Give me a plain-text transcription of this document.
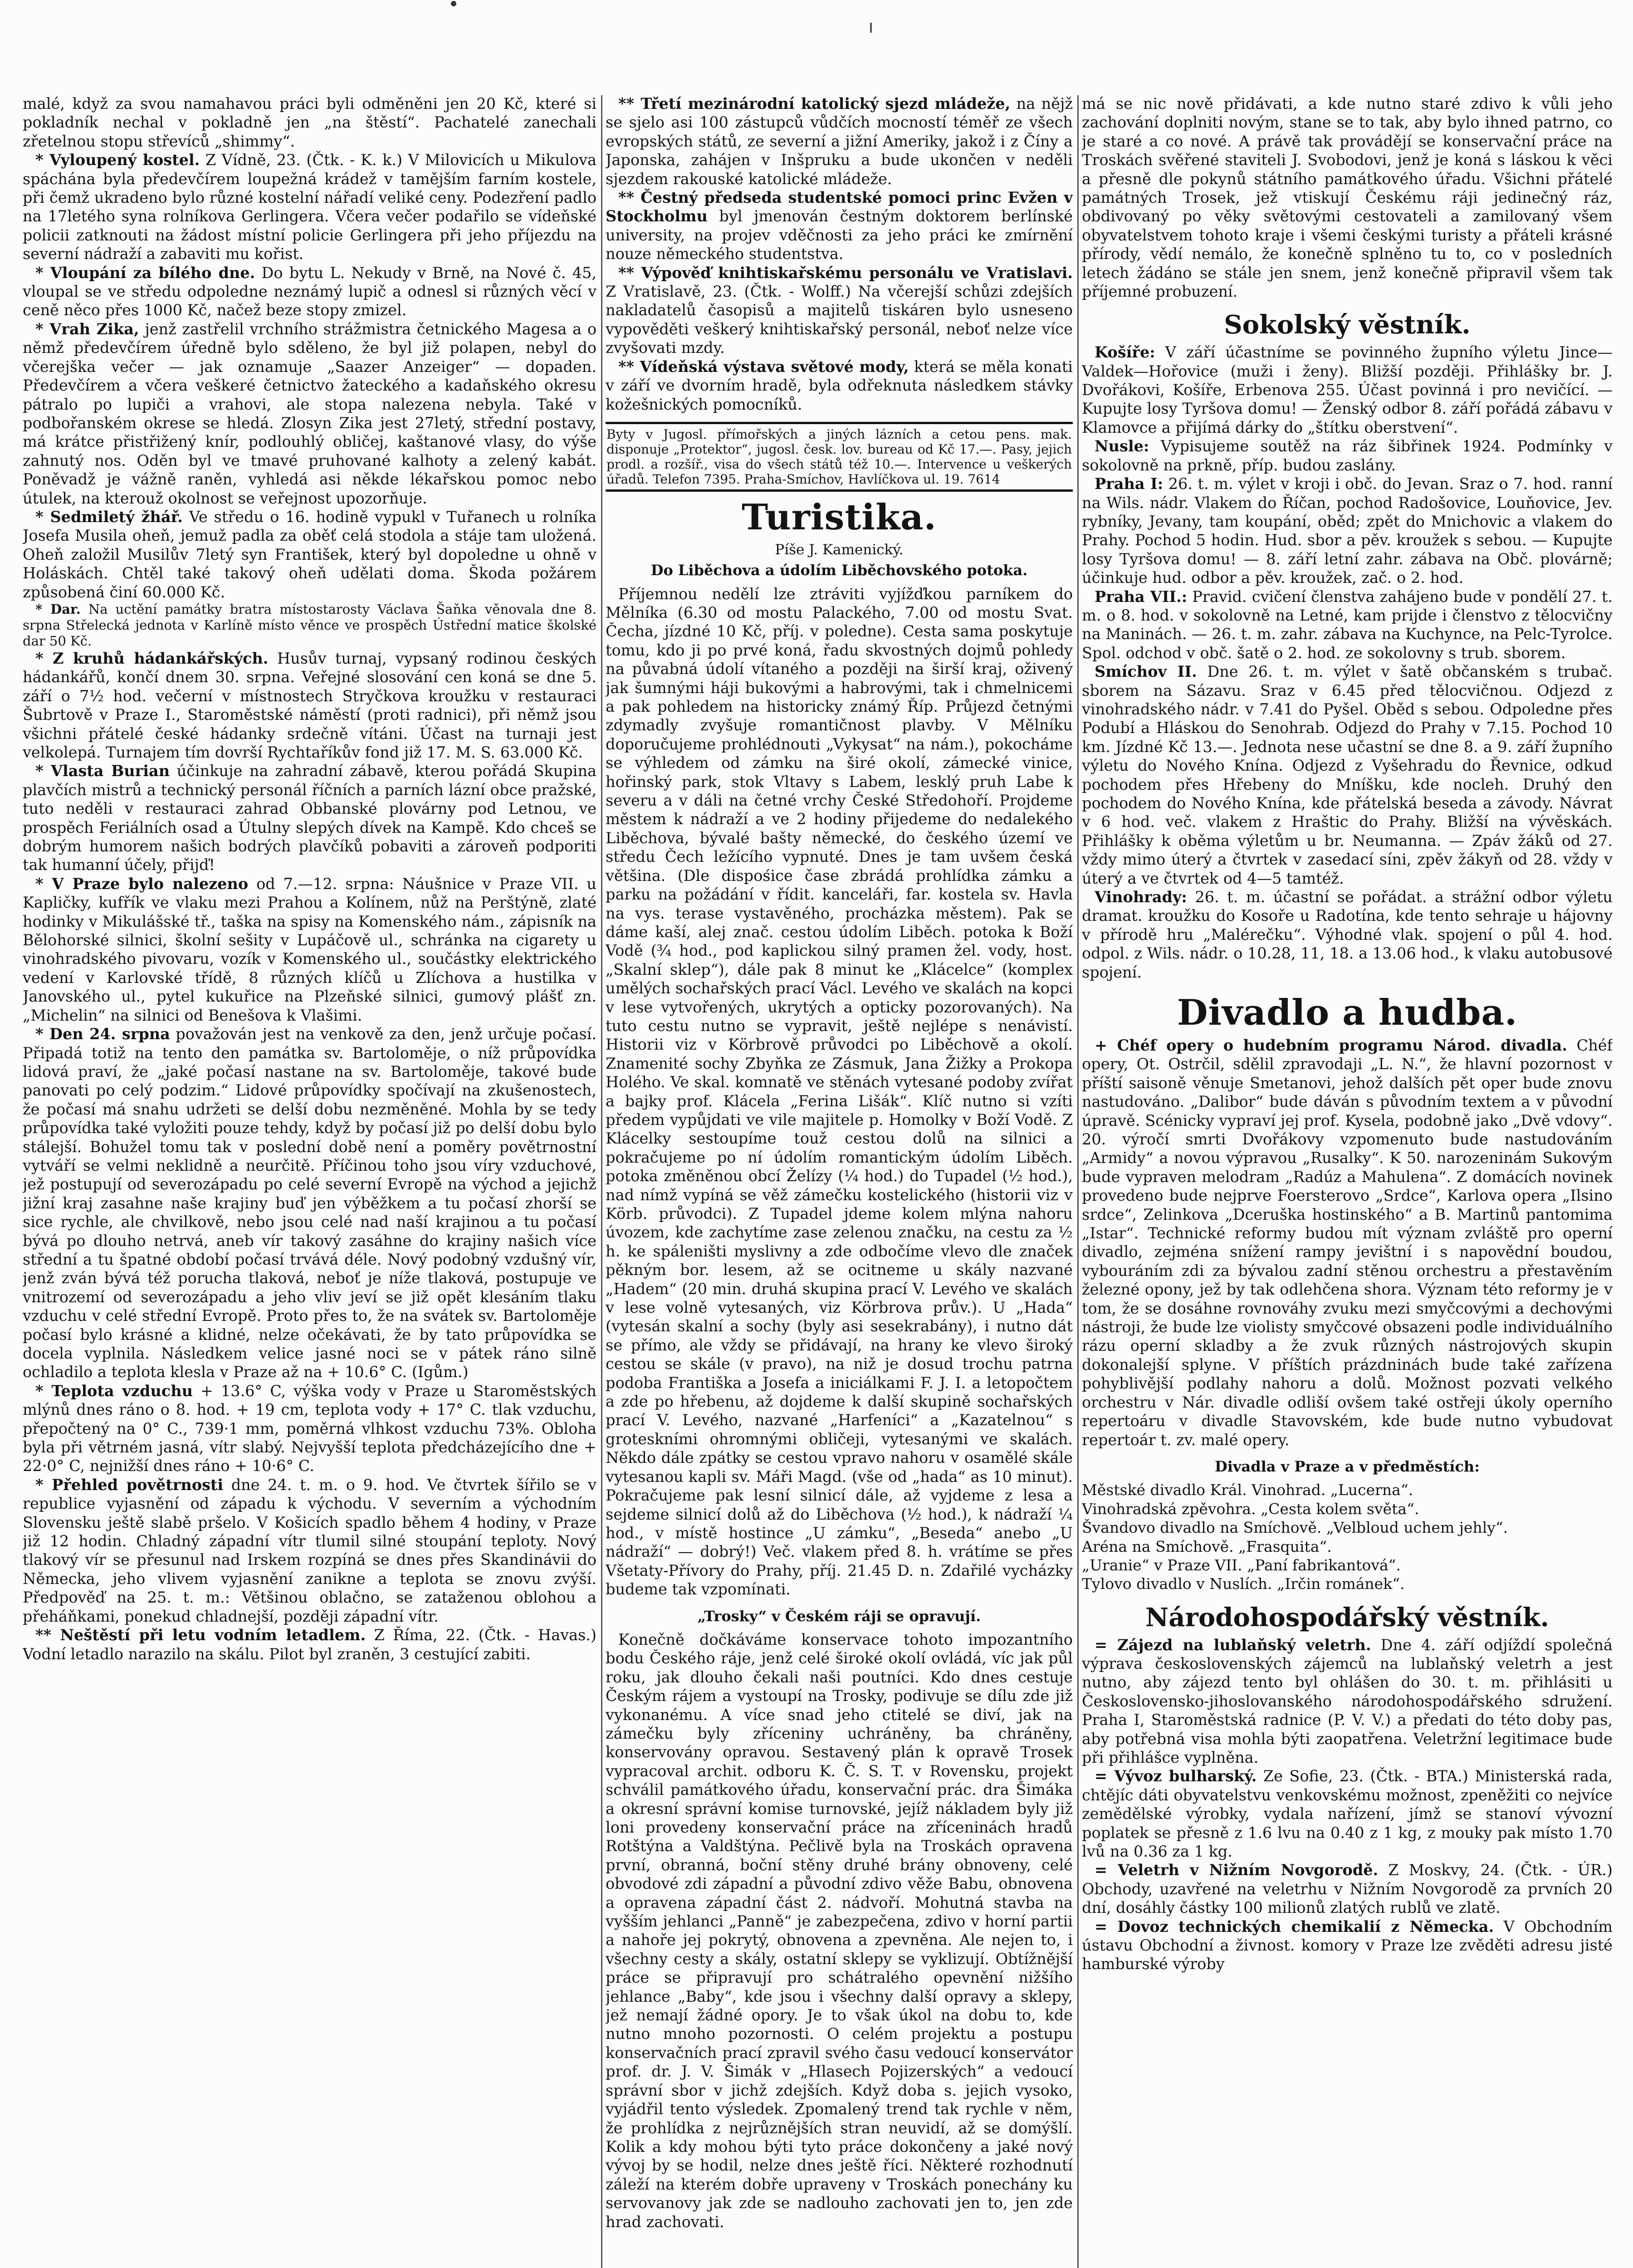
malé, když za svou namahavou práci byli odměněni jen 20 Kč, které si pokladník nechal v pokladně jen „na štěstí“. Pachatelé zanechali zřetelnou stopu střevíců „shimmy“.

* Vyloupený kostel. Z Vídně, 23. (Čtk. - K. k.) V Milovicích u Mikulova spáchána byla předevčírem loupežná krádež v tamějším farním kostele, při čemž ukradeno bylo různé kostelní nářadí veliké ceny. Podezření padlo na 17letého syna rolníkova Gerlingera. Včera večer podařilo se vídeňské policii zatknouti na žádost místní policie Gerlingera při jeho příjezdu na severní nádraží a zabaviti mu kořist.

* Vloupání za bílého dne. Do bytu L. Nekudy v Brně, na Nové č. 45, vloupal se ve středu odpoledne neznámý lupič a odnesl si různých věcí v ceně něco přes 1000 Kč, načež beze stopy zmizel.

* Vrah Zika, jenž zastřelil vrchního strážmistra četnického Magesa a o němž předevčírem úředně bylo sděleno, že byl již polapen, nebyl do včerejška večer — jak oznamuje „Saazer Anzeiger“ — dopaden. Předevčírem a včera veškeré četnictvo žateckého a kadaňského okresu pátralo po lupiči a vrahovi, ale stopa nalezena nebyla. Také v podbořanském okrese se hledá. Zlosyn Zika jest 27letý, střední postavy, má krátce přistřižený knír, podlouhlý obličej, kaštanové vlasy, do výše zahnutý nos. Oděn byl ve tmavé pruhované kalhoty a zelený kabát. Poněvadž je vážně raněn, vyhledá asi někde lékařskou pomoc nebo útulek, na kterouž okolnost se veřejnost upozorňuje.

* Sedmiletý žhář. Ve středu o 16. hodině vypukl v Tuřanech u rolníka Josefa Musila oheň, jemuž padla za oběť celá stodola a stáje tam uložená. Oheň založil Musilův 7letý syn František, který byl dopoledne u ohně v Holáskách. Chtěl také takový oheň udělati doma. Škoda požárem způsobená činí 60.000 Kč.

* Dar. Na uctění památky bratra místostarosty Václava Šaňka věnovala dne 8. srpna Střelecká jednota v Karlíně místo věnce ve prospěch Ústřední matice školské dar 50 Kč.

* Z kruhů hádankářských. Husův turnaj, vypsaný rodinou českých hádankářů, končí dnem 30. srpna. Veřejné slosování cen koná se dne 5. září o 7½ hod. večerní v místnostech Stryčkova kroužku v restauraci Šubrtově v Praze I., Staroměstské náměstí (proti radnici), při němž jsou všichni přátelé české hádanky srdečně vítáni. Účast na turnaji jest velkolepá. Turnajem tím dovrší Rychtaříkův fond již 17. M. S. 63.000 Kč.

* Vlasta Burian účinkuje na zahradní zábavě, kterou pořádá Skupina plavčích mistrů a technický personál říčních a parních lázní obce pražské, tuto neděli v restauraci zahrad Obbanské plovárny pod Letnou, ve prospěch Feriálních osad a Útulny slepých dívek na Kampě. Kdo chceš se dobrým humorem našich bodrých plavčíků pobaviti a zároveň podporiti tak humanní účely, přijď!

* V Praze bylo nalezeno od 7.—12. srpna: Náušnice v Praze VII. u Kapličky, kufřík ve vlaku mezi Prahou a Kolínem, nůž na Perštýně, zlaté hodinky v Mikulášské tř., taška na spisy na Komenského nám., zápisník na Bělohorské silnici, školní sešity v Lupáčově ul., schránka na cigarety u vinohradského pivovaru, vozík v Komenského ul., součástky elektrického vedení v Karlovské třídě, 8 různých klíčů u Zlíchova a hustilka v Janovského ul., pytel kukuřice na Plzeňské silnici, gumový plášť zn. „Michelin“ na silnici od Benešova k Vlašimi.

* Den 24. srpna považován jest na venkově za den, jenž určuje počasí. Připadá totiž na tento den památka sv. Bartoloměje, o níž průpovídka lidová praví, že „jaké počasí nastane na sv. Bartoloměje, takové bude panovati po celý podzim.“ Lidové průpovídky spočívají na zkušenostech, že počasí má snahu udržeti se delší dobu nezměněné. Mohla by se tedy průpovídka také vyložiti pouze tehdy, když by počasí již po delší dobu bylo stálejší. Bohužel tomu tak v poslední době není a poměry povětrnostní vytváří se velmi neklidně a neurčitě. Příčinou toho jsou víry vzduchové, jež postupují od severozápadu po celé severní Evropě na východ a jejichž jižní kraj zasahne naše krajiny buď jen výběžkem a tu počasí zhorší se sice rychle, ale chvilkově, nebo jsou celé nad naší krajinou a tu počasí bývá po dlouho netrvá, aneb vír takový zasáhne do krajiny našich více střední a tu špatné období počasí trvává déle. Nový podobný vzdušný vír, jenž zván bývá též porucha tlaková, neboť je níže tlaková, postupuje ve vnitrozemí od severozápadu a jeho vliv jeví se již opět klesáním tlaku vzduchu v celé střední Evropě. Proto přes to, že na svátek sv. Bartoloměje počasí bylo krásné a klidné, nelze očekávati, že by tato průpovídka se docela vyplnila. Následkem velice jasné noci se v pátek ráno silně ochladilo a teplota klesla v Praze až na + 10.6° C. (Igům.)

* Teplota vzduchu + 13.6° C, výška vody v Praze u Staroměstských mlýnů dnes ráno o 8. hod. + 19 cm, teplota vody + 17° C. tlak vzduchu, přepočtený na 0° C., 739·1 mm, poměrná vlhkost vzduchu 73%. Obloha byla při větrném jasná, vítr slabý. Nejvyšší teplota předcházejícího dne + 22·0° C, nejnižší dnes ráno + 10·6° C.

* Přehled povětrnosti dne 24. t. m. o 9. hod. Ve čtvrtek šířilo se v republice vyjasnění od západu k východu. V severním a východním Slovensku ještě slabě pršelo. V Košicích spadlo během 4 hodiny, v Praze již 12 hodin. Chladný západní vítr tlumil silné stoupání teploty. Nový tlakový vír se přesunul nad Irskem rozpíná se dnes přes Skandinávii do Německa, jeho vlivem vyjasnění zanikne a teplota se znovu zvýší. Předpověď na 25. t. m.: Většinou oblačno, se zataženou oblohou a přeháňkami, ponekud chladnejší, později západní vítr.

** Neštěstí při letu vodním letadlem. Z Římа, 22. (Čtk. - Havas.) Vodní letadlo narazilo na skálu. Pilot byl zraněn, 3 cestující zabiti.

** Třetí mezinárodní katolický sjezd mládeže, na nějž se sjelo asi 100 zástupců vůdčích mocností téměř ze všech evropských států, ze severní a jižní Ameriky, jakož i z Číny a Japonska, zahájen v Inšpruku a bude ukončen v neděli sjezdem rakouské katolické mládeže.

** Čestný předseda studentské pomoci princ Evžen v Stockholmu byl jmenován čestným doktorem berlínské university, na projev vděčnosti za jeho práci ke zmírnění nouze německého studentstva.

** Výpověď knihtiskařskému personálu ve Vratislavi. Z Vratislavě, 23. (Čtk. - Wolff.) Na včerejší schůzi zdejších nakladatelů časopisů a majitelů tiskáren bylo usneseno vypověděti veškerý knihtiskařský personál, neboť nelze více zvyšovati mzdy.

** Vídeňská výstava světové mody, která se měla konati v září ve dvorním hradě, byla odřeknuta následkem stávky kožešnických pomocníků.

Byty v Jugosl. přímořských a jiných lázních a cetou pens. mak. disponuje „Protektor“, jugosl. česk. lov. bureau od Kč 17.—. Pasy, jejich prodl. a rozšíř., visa do všech států též 10.—. Intervence u veškerých úřadů. Telefon 7395. Praha-Smíchov, Havlíčkova ul. 19. 7614
Turistika.
Píše J. Kamenický.
Do Liběchova a údolím Liběchovského potoka.

Příjemnou nedělí lze ztráviti vyjížďkou parníkem do Mělníka (6.30 od mostu Palackého, 7.00 od mostu Svat. Čecha, jízdné 10 Kč, příj. v poledne). Cesta sama poskytuje tomu, kdo ji po prvé koná, řadu skvostných dojmů pohledy na půvabná údolí vítaného a později na širší kraj, oživený jak šumnými háji bukovými a habrovými, tak i chmelnicemi a pak pohledem na historicky známý Říp. Průjezd četnými zdymadly zvyšuje romantičnost plavby. V Mělníku doporučujeme prohlédnouti „Vykysat“ na nám.), pokocháme se výhledem od zámku na širé okolí, zámecké vinice, hořinský park, stok Vltavy s Labem, lesklý pruh Labe k severu a v dáli na četné vrchy České Středohoří. Projdeme městem k nádraží a ve 2 hodiny přijedeme do nedalekého Liběchova, bývalé bašty německé, do českého území ve středu Čech ležícího vypnuté. Dnes je tam uvšem česká většina. (Dle dispośice čase zbrádá prohlídka zámku a parku na požádání v řídit. kanceláři, far. kostela sv. Havla na vys. terase vystavěného, procházka městem). Pak se dáme kaší, alej znač. cestou údolím Liběch. potoka k Boží Vodě (¾ hod., pod kaplickou silný pramen žel. vody, host. „Skalní sklep“), dále pak 8 minut ke „Klácelce“ (komplex umělých sochařských prací Václ. Levého ve skalách na kopci v lese vytvořených, ukrytých a opticky pozorovaných). Na tuto cestu nutno se vypravit, ještě nejlépe s nenávistí. Historii viz v Körbrově průvodci po Liběchově a okolí. Znamenité sochy Zbyňka ze Zásmuk, Jana Žižky a Prokopa Holého. Ve skal. komnatě ve stěnách vytesané podoby zvířat a bajky prof. Klácela „Ferina Lišák“. Klíč nutno si vzíti předem vypůjdati ve vile majitele p. Homolky v Boží Vodě. Z Klácelky sestoupíme touž cestou dolů na silnici a pokračujeme po ní údolím romantickým údolím Liběch. potoka změněnou obcí Želízy (¼ hod.) do Tupadel (½ hod.), nad nímž vypíná se věž zámečku kostelického (historii viz v Körb. průvodci). Z Tupadel jdeme kolem mlýna nahoru úvozem, kde zachytíme zase zelenou značku, na cestu za ½ h. ke spáleništi myslivny a zde odbočíme vlevo dle značek pěkným bor. lesem, až se ocitneme u skály nazvané „Hadem“ (20 min. druhá skupina prací V. Levého ve skalách v lese volně vytesaných, viz Körbrova prův.). U „Hada“ (vytesán skalní a sochy (byly asi sesekrabány), i nutno dát se přímo, ale vždy se přidávají, na hrany ke vlevo široký cestou se skále (v pravo), na niž je dosud trochu patrna podoba Františka a Josefa a iniciálkami F. J. I. a letopočtem a zde po hřebenu, až dojdeme k další skupině sochařských prací V. Levého, nazvané „Harfeníci“ a „Kazatelnou“ s groteskními ohromnými obličeji, vytesanými ve skalách. Někdo dále zpátky se cestou vpravo nahoru v osamělé skále vytesanou kapli sv. Máři Magd. (vše od „hada“ as 10 minut). Pokračujeme pak lesní silnicí dále, až vyjdeme z lesa a sejdeme silnicí dolů až do Liběchova (½ hod.), k nádraží ¼ hod., v místě hostince „U zámku“, „Beseda“ anebo „U nádraží“ — dobrý!) Več. vlakem před 8. h. vrátíme se přes Všetaty-Přívory do Prahy, příj. 21.45 D. n. Zdařilé vycházky budeme tak vzpomínati.

„Trosky“ v Českém ráji se opravují.

Konečně dočkáváme konservace tohoto impozantního bodu Českého ráje, jenž celé široké okolí ovládá, víc jak půl roku, jak dlouho čekali naši poutníci. Kdo dnes cestuje Českým rájem a vystoupí na Trosky, podivuje se dílu zde již vykonanému. A více snad jeho ctitelé se diví, jak na zámečku byly zříceniny uchráněny, ba chráněny, konservovány opravou. Sestavený plán k opravě Trosek vypracoval archit. odboru K. Č. S. T. v Rovensku, projekt schválil památkového úřadu, konservační prác. dra Šimáka a okresní správní komise turnovské, jejíž nákladem byly již loni provedeny konservační práce na zříceninách hradů Rotštýna a Valdštýna. Pečlivě byla na Troskách opravena první, obranná, boční stěny druhé brány obnoveny, celé obvodové zdi západní a původní zdivo věže Babu, obnovena a opravena západní část 2. nádvoří. Mohutná stavba na vyšším jehlanci „Panně“ je zabezpečena, zdivo v horní partii a nahoře jej pokrytý, obnovena a zpevněna. Ale nejen to, i všechny cesty a skály, ostatní sklepy se vyklizují. Obtížnější práce se připravují pro schátralého opevnění nižšího jehlance „Baby“, kde jsou i všechny další opravy a sklepy, jež nemají žádné opory. Je to však úkol na dobu to, kde nutno mnoho pozornosti. O celém projektu a postupu konservačních prací zpravil svého času vedoucí konservátor prof. dr. J. V. Šimák v „Hlasech Pojizerských“ a vedoucí správní sbor v jichž zdejších. Když doba s. jejich vysoko, vyjádřil tento výsledek. Zpomalený trend tak rychle v něm, že prohlídka z nejrůznějších stran neuvidí, až se domýšlí. Kolik a kdy mohou býti tyto práce dokončeny a jaké nový vývoj by se hodil, nelze dnes ještě říci. Některé rozhodnutí záleží na kterém dobře upraveny v Troskách ponechány ku servovanovy jak zde se nadlouho zachovati jen to, jen zde hrad zachovati.

má se nic nově přidávati, a kde nutno staré zdivo k vůli jeho zachování doplniti novým, stane se to tak, aby bylo ihned patrno, co je staré a co nové. A právě tak provádějí se konservační práce na Troskách svěřené staviteli J. Svobodovi, jenž je koná s láskou k věci a přesně dle pokynů státního památkového úřadu. Všichni přátelé památných Trosek, jež vtiskují Českému ráji jedinečný ráz, obdivovaný po věky světovými cestovateli a zamilovaný všem obyvatelstvem tohoto kraje i všemi českými turisty a přáteli krásné přírody, vědí nemálo, že konečně splněno tu to, co v posledních letech žádáno se stále jen snem, jenž konečně připravil všem tak příjemné probuzení.

Sokolský věstník.

Košíře: V září účastníme se povinného župního výletu Jince—Valdek—Hořovice (muži i ženy). Bližší později. Přihlášky br. J. Dvořákovi, Košíře, Erbenova 255. Účast povinná i pro nevičící. — Kupujte losy Tyršova domu! — Ženský odbor 8. září pořádá zábavu v Klamovce a přijímá dárky do „štítku oberstvení“.

Nusle: Vypisujeme soutěž na ráz šibřinek 1924. Podmínky v sokolovně na prkně, příp. budou zaslány.

Praha I: 26. t. m. výlet v kroji i obč. do Jevan. Sraz o 7. hod. ranní na Wils. nádr. Vlakem do Říčan, pochod Radošovice, Louňovice, Jev. rybníky, Jevany, tam koupání, oběd; zpět do Mnichovic a vlakem do Prahy. Pochod 5 hodin. Hud. sbor a pěv. kroužek s sebou. — Kupujte losy Tyršova domu! — 8. září letní zahr. zábava na Obč. plovárně; účinkuje hud. odbor a pěv. kroužek, zač. o 2. hod.

Praha VII.: Pravid. cvičení členstva zahájeno bude v pondělí 27. t. m. o 8. hod. v sokolovně na Letné, kam prijde i členstvo z tělocvičny na Maninách. — 26. t. m. zahr. zábava na Kuchynce, na Pelc-Tyrolce. Spol. odchod v obč. šatě o 2. hod. ze sokolovny s trub. sborem.

Smíchov II. Dne 26. t. m. výlet v šatě občanském s trubač. sborem na Sázavu. Sraz v 6.45 před tělocvičnou. Odjezd z vinohradského nádr. v 7.41 do Pyšel. Oběd s sebou. Odpoledne přes Podubí a Hláskou do Senohrab. Odjezd do Prahy v 7.15. Pochod 10 km. Jízdné Kč 13.—. Jednota nese učastní se dne 8. a 9. září župního výletu do Nového Knína. Odjezd z Vyšehradu do Řevnice, odkud pochodem přes Hřebeny do Mníšku, kde nocleh. Druhý den pochodem do Nového Knína, kde přátelská beseda a závody. Návrat v 6 hod. več. vlakem z Hraštic do Prahy. Bližší na vývěskách. Přihlášky k oběma výletům u br. Neumanna. — Zpáv žáků od 27. vždy mimo úterý a čtvrtek v zasedací síni, zpěv žákyň od 28. vždy v úterý a ve čtvrtek od 4—5 tamtéž.

Vinohrady: 26. t. m. účastní se pořádat. a strážní odbor výletu dramat. kroužku do Kosoře u Radotína, kde tento sehraje u hájovny v přírodě hru „Malérečku“. Výhodné vlak. spojení o půl 4. hod. odpol. z Wils. nádr. o 10.28, 11, 18. a 13.06 hod., k vlaku autobusové spojení.

Divadlo a hudba.

+ Chéf opery o hudebním programu Národ. divadla. Chéf opery, Ot. Ostrčil, sdělil zpravodaji „L. N.“, že hlavní pozornost v příští saisoně věnuje Smetanovi, jehož dalších pět oper bude znovu nastudováno. „Dalibor“ bude dáván s původním textem a v původní úpravě. Scénicky vypraví jej prof. Kysela, podobně jako „Dvě vdovy“. 20. výročí smrti Dvořákovy vzpomenuto bude nastudováním „Armidy“ a novou výpravou „Rusalky“. K 50. narozeninám Sukovým bude vypraven melodram „Radúz a Mahulena“. Z domácích novinek provedeno bude nejprve Foersterovo „Srdce“, Karlova opera „Ilsino srdce“, Zelinkova „Dceruška hostinského“ a B. Martinů pantomima „Istar“. Technické reformy budou mít význam zvláště pro operní divadlo, zejména snížení rampy jevištní i s napovědní boudou, vybouráním zdi za bývalou zadní stěnou orchestru a přestavěním železné opony, jež by tak odlehčena shora. Význam této reformy je v tom, že se dosáhne rovnováhy zvuku mezi smyčcovými a dechovými nástroji, že bude lze violisty smyčcové obsazeni podle individuálního rázu operní skladby a že zvuk různých nástrojových skupin dokonalejší splyne. V příštích prázdninách bude také zařízena pohyblivější podlahy nahoru a dolů. Možnost pozvati velkého orchestru v Nár. divadle odliší ovšem také ostřeji úkoly operního repertoáru v divadle Stavovském, kde bude nutno vybudovat repertoár t. zv. malé opery.

Divadla v Praze a v předměstích:
Městské divadlo Král. Vinohrad. „Lucerna“.
Vinohradská zpěvohra. „Cesta kolem světa“.
Švandovo divadlo na Smíchově. „Velbloud uchem jehly“.
Aréna na Smíchově. „Frasquita“.
„Uranie“ v Praze VII. „Paní fabrikantová“.
Tylovo divadlo v Nuslích. „Irčin románek“.
Národohospodářský věstník.

= Zájezd na lublaňský veletrh. Dne 4. září odjíždí společná výprava československých zájemců na lublaňský veletrh a jest nutno, aby zájezd tento byl ohlášen do 30. t. m. přihlásiti u Československo-jihoslovanského národohospodářského sdružení. Praha I, Staroměstská radnice (P. V. V.) a předati do této doby pas, aby potřebná visa mohla býti zaopatřena. Veletržní legitimace bude při přihlášce vyplněna.

= Vývoz bulharský. Ze Sofie, 23. (Čtk. - BTA.) Ministerská rada, chtějíc dáti obyvatelstvu venkovskému možnost, zpeněžiti co nejvíce zemědělské výrobky, vydala nařízení, jímž se stanoví vývozní poplatek se přesně z 1.6 lvu na 0.40 z 1 kg, z mouky pak místo 1.70 lvů na 0.36 za 1 kg.

= Veletrh v Nižním Novgorodě. Z Moskvy, 24. (Čtk. - ÚR.) Obchody, uzavřené na veletrhu v Nižním Novgorodě za prvních 20 dní, dosáhly částky 100 milionů zlatých rublů ve zlatě.

= Dovoz technických chemikalií z Německa. V Obchodním ústavu Obchodní a živnost. komory v Praze lze zvěděti adresu jisté hamburské výroby
